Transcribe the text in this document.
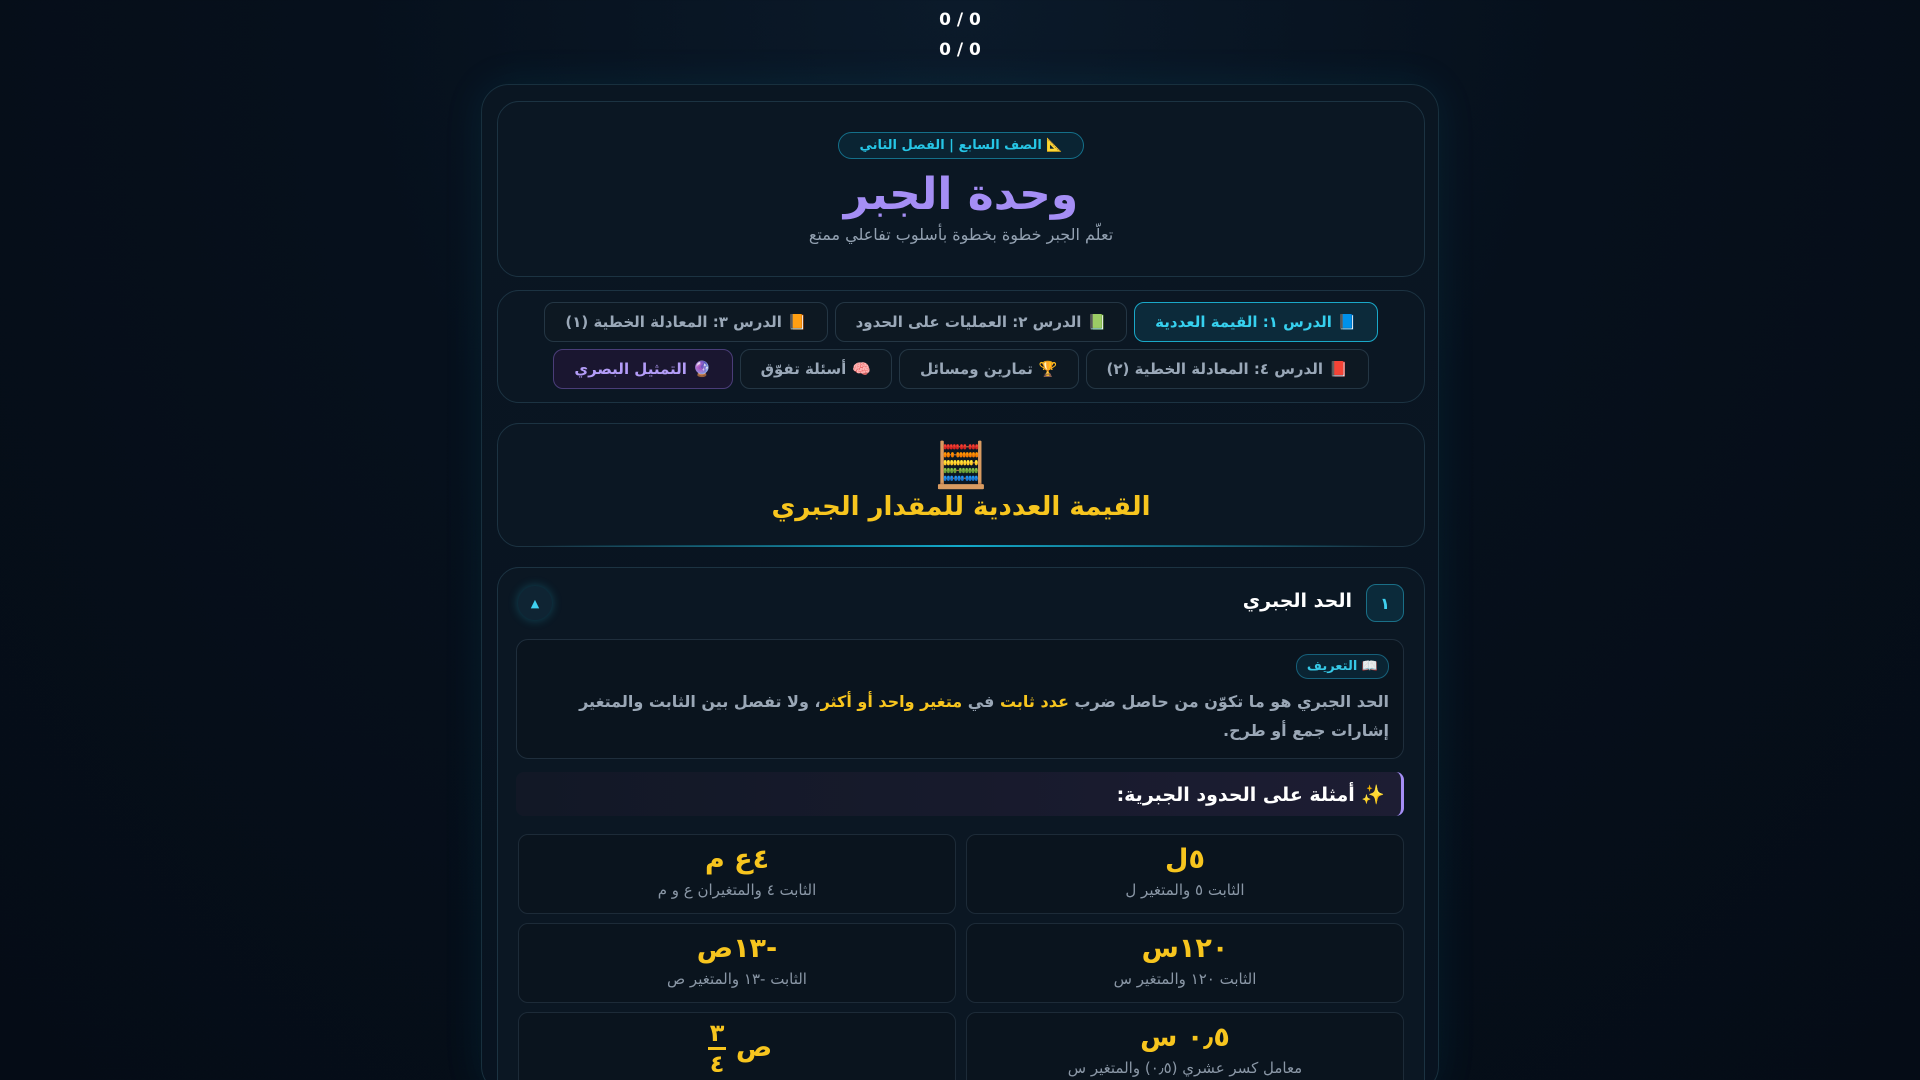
0 / 0
0 / 0
📐 الصف السابع | الفصل الثاني
وحدة الجبر
تعلّم الجبر خطوة بخطوة بأسلوب تفاعلي ممتع
📘
الدرس ١: القيمة العددية
📗
الدرس ٢: العمليات على الحدود
📙
الدرس ٣: المعادلة الخطية (١)
📕
الدرس ٤: المعادلة الخطية (٢)
🏆
تمارين ومسائل
🧠
أسئلة تفوّق
🔮
التمثيل البصري
🧮
القيمة العددية للمقدار الجبري
١
الحد الجبري
▲
📖 التعريف
الحد الجبري هو ما تكوّن من حاصل ضرب عدد ثابت في متغير واحد أو أكثر، ولا تفصل بين الثابت والمتغير إشارات جمع أو طرح.
✨ أمثلة على الحدود الجبرية:
٥ل
الثابت ٥ والمتغير ل
٤ع م
الثابت ٤ والمتغيران ع و م
١٢٠س
الثابت ١٢٠ والمتغير س
-١٣ص
الثابت -١٣ والمتغير ص
٠٫٥ س
معامل كسر عشري (٠٫٥) والمتغير س
ص
$\frac{٣}{٤}$
